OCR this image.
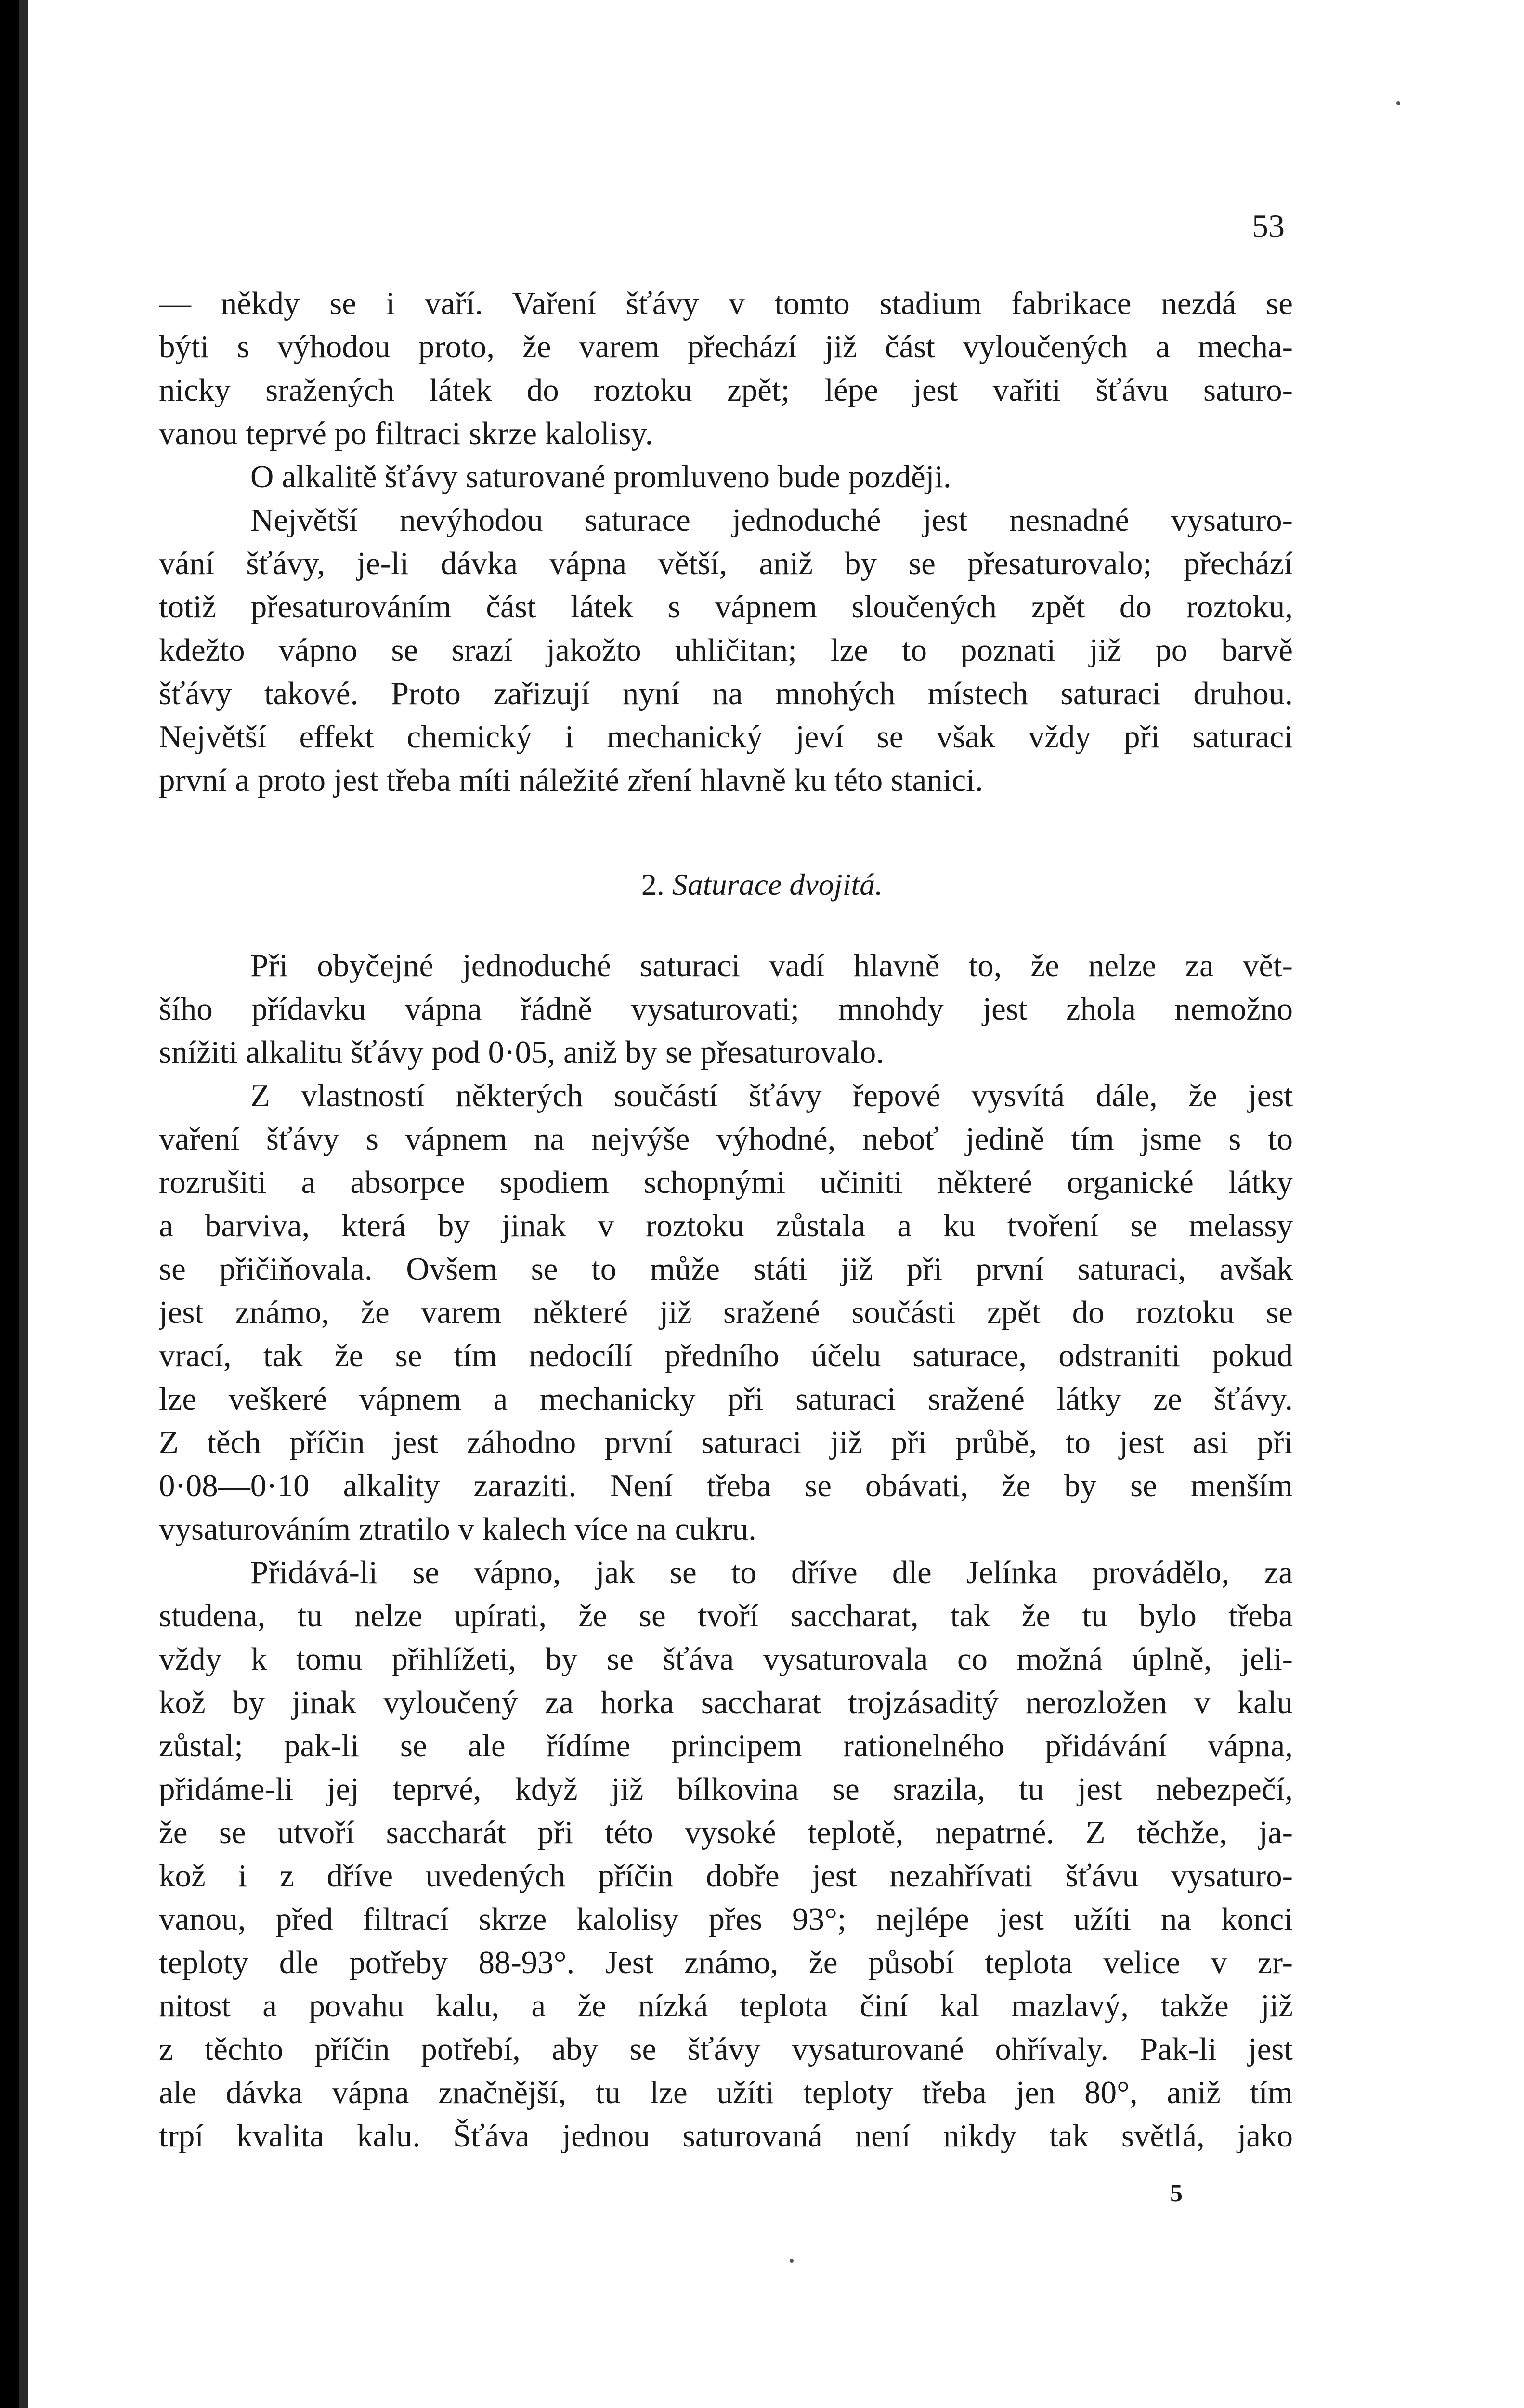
53
— někdy se i vaří. Vaření šťávy v tomto stadium fabrikace nezdá se
býti s výhodou proto, že varem přechází již část vyloučených a mecha-
nicky sražených látek do roztoku zpět; lépe jest vařiti šťávu saturo-
vanou teprvé po filtraci skrze kalolisy.
O alkalitě šťávy saturované promluveno bude později.
Největší nevýhodou saturace jednoduché jest nesnadné vysaturo-
vání šťávy, je-li dávka vápna větší, aniž by se přesaturovalo; přechází
totiž přesaturováním část látek s vápnem sloučených zpět do roztoku,
kdežto vápno se srazí jakožto uhličitan; lze to poznati již po barvě
šťávy takové. Proto zařizují nyní na mnohých místech saturaci druhou.
Největší effekt chemický i mechanický jeví se však vždy při saturaci
první a proto jest třeba míti náležité zření hlavně ku této stanici.
2. Saturace dvojitá.
Při obyčejné jednoduché saturaci vadí hlavně to, že nelze za vět-
šího přídavku vápna řádně vysaturovati; mnohdy jest zhola nemožno
snížiti alkalitu šťávy pod 0·05, aniž by se přesaturovalo.
Z vlastností některých součástí šťávy řepové vysvítá dále, že jest
vaření šťávy s vápnem na nejvýše výhodné, neboť jedině tím jsme s to
rozrušiti a absorpce spodiem schopnými učiniti některé organické látky
a barviva, která by jinak v roztoku zůstala a ku tvoření se melassy
se přičiňovala. Ovšem se to může státi již při první saturaci, avšak
jest známo, že varem některé již sražené součásti zpět do roztoku se
vrací, tak že se tím nedocílí předního účelu saturace, odstraniti pokud
lze veškeré vápnem a mechanicky při saturaci sražené látky ze šťávy.
Z těch příčin jest záhodno první saturaci již při průbě, to jest asi při
0·08—0·10 alkality zaraziti. Není třeba se obávati, že by se menším
vysaturováním ztratilo v kalech více na cukru.
Přidává-li se vápno, jak se to dříve dle Jelínka provádělo, za
studena, tu nelze upírati, že se tvoří saccharat, tak že tu bylo třeba
vždy k tomu přihlížeti, by se šťáva vysaturovala co možná úplně, jeli-
kož by jinak vyloučený za horka saccharat trojzásaditý nerozložen v kalu
zůstal; pak-li se ale řídíme principem rationelného přidávání vápna,
přidáme-li jej teprvé, když již bílkovina se srazila, tu jest nebezpečí,
že se utvoří saccharát při této vysoké teplotě, nepatrné. Z těchže, ja-
kož i z dříve uvedených příčin dobře jest nezahřívati šťávu vysaturo-
vanou, před filtrací skrze kalolisy přes 93°; nejlépe jest užíti na konci
teploty dle potřeby 88-93°. Jest známo, že působí teplota velice v zr-
nitost a povahu kalu, a že nízká teplota činí kal mazlavý, takže již
z těchto příčin potřebí, aby se šťávy vysaturované ohřívaly. Pak-li jest
ale dávka vápna značnější, tu lze užíti teploty třeba jen 80°, aniž tím
trpí kvalita kalu. Šťáva jednou saturovaná není nikdy tak světlá, jako
5
